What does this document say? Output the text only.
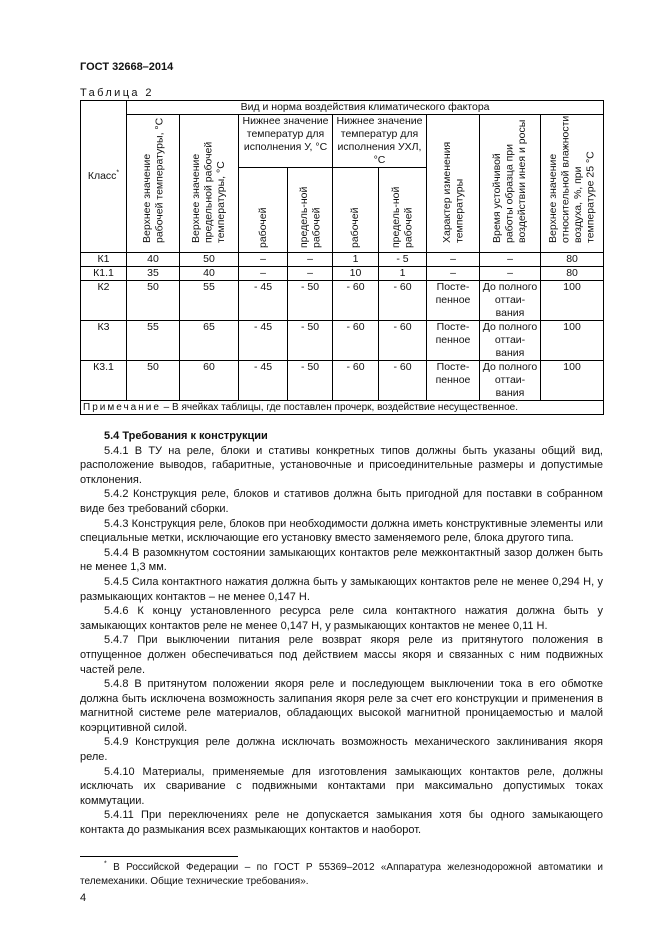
ГОСТ 32668–2014
Таблица 2
Класс*	Вид и норма воздействия климатического фактора								
	Верхнее значение рабочей температуры, °С	Верхнее значение предельной рабочей температуры, °С	Нижнее значение температур для исполнения У, °С		Нижнее значение температур для исполнения УХЛ, °С		Характер изменения температуры	Время устойчивой работы образца при воздействии инея и росы	Верхнее значение относительной влажности воздуха, %, при температуре 25 °С
			рабочей	предель-ной рабочей	рабочей	предель-ной рабочей			
К1	40	50	–	–	1	- 5	–	–	80
К1.1	35	40	–	–	10	1	–	–	80
К2	50	55	- 45	- 50	- 60	- 60	Посте-пенное	До полного оттаи-вания	100
К3	55	65	- 45	- 50	- 60	- 60	Посте-пенное	До полного оттаи-вания	100
К3.1	50	60	- 45	- 50	- 60	- 60	Посте-пенное	До полного оттаи-вания	100
Примечание – В ячейках таблицы, где поставлен прочерк, воздействие несущественное.									
5.4 Требования к конструкции

5.4.1 В ТУ на реле, блоки и стативы конкретных типов должны быть указаны общий вид, расположение выводов, габаритные, установочные и присоединительные размеры и допустимые отклонения.

5.4.2 Конструкция реле, блоков и стативов должна быть пригодной для поставки в собранном виде без требований сборки.

5.4.3 Конструкция реле, блоков при необходимости должна иметь конструктивные элементы или специальные метки, исключающие его установку вместо заменяемого реле, блока другого типа.

5.4.4 В разомкнутом состоянии замыкающих контактов реле межконтактный зазор должен быть не менее 1,3 мм.

5.4.5 Сила контактного нажатия должна быть у замыкающих контактов реле не менее 0,294 Н, у размыкающих контактов – не менее 0,147 Н.

5.4.6 К концу установленного ресурса реле сила контактного нажатия должна быть у замыкающих контактов реле не менее 0,147 Н, у размыкающих контактов не менее 0,11 Н.

5.4.7 При выключении питания реле возврат якоря реле из притянутого положения в отпущенное должен обеспечиваться под действием массы якоря и связанных с ним подвижных частей реле.

5.4.8 В притянутом положении якоря реле и последующем выключении тока в его обмотке должна быть исключена возможность залипания якоря реле за счет его конструкции и применения в магнитной системе реле материалов, обладающих высокой магнитной проницаемостью и малой коэрцитивной силой.

5.4.9 Конструкция реле должна исключать возможность механического заклинивания якоря реле.

5.4.10 Материалы, применяемые для изготовления замыкающих контактов реле, должны исключать их сваривание с подвижными контактами при максимально допустимых токах коммутации.

5.4.11 При переключениях реле не допускается замыкания хотя бы одного замыкающего контакта до размыкания всех размыкающих контактов и наоборот.

* В Российской Федерации – по ГОСТ Р 55369–2012 «Аппаратура железнодорожной автоматики и телемеханики. Общие технические требования».
4
